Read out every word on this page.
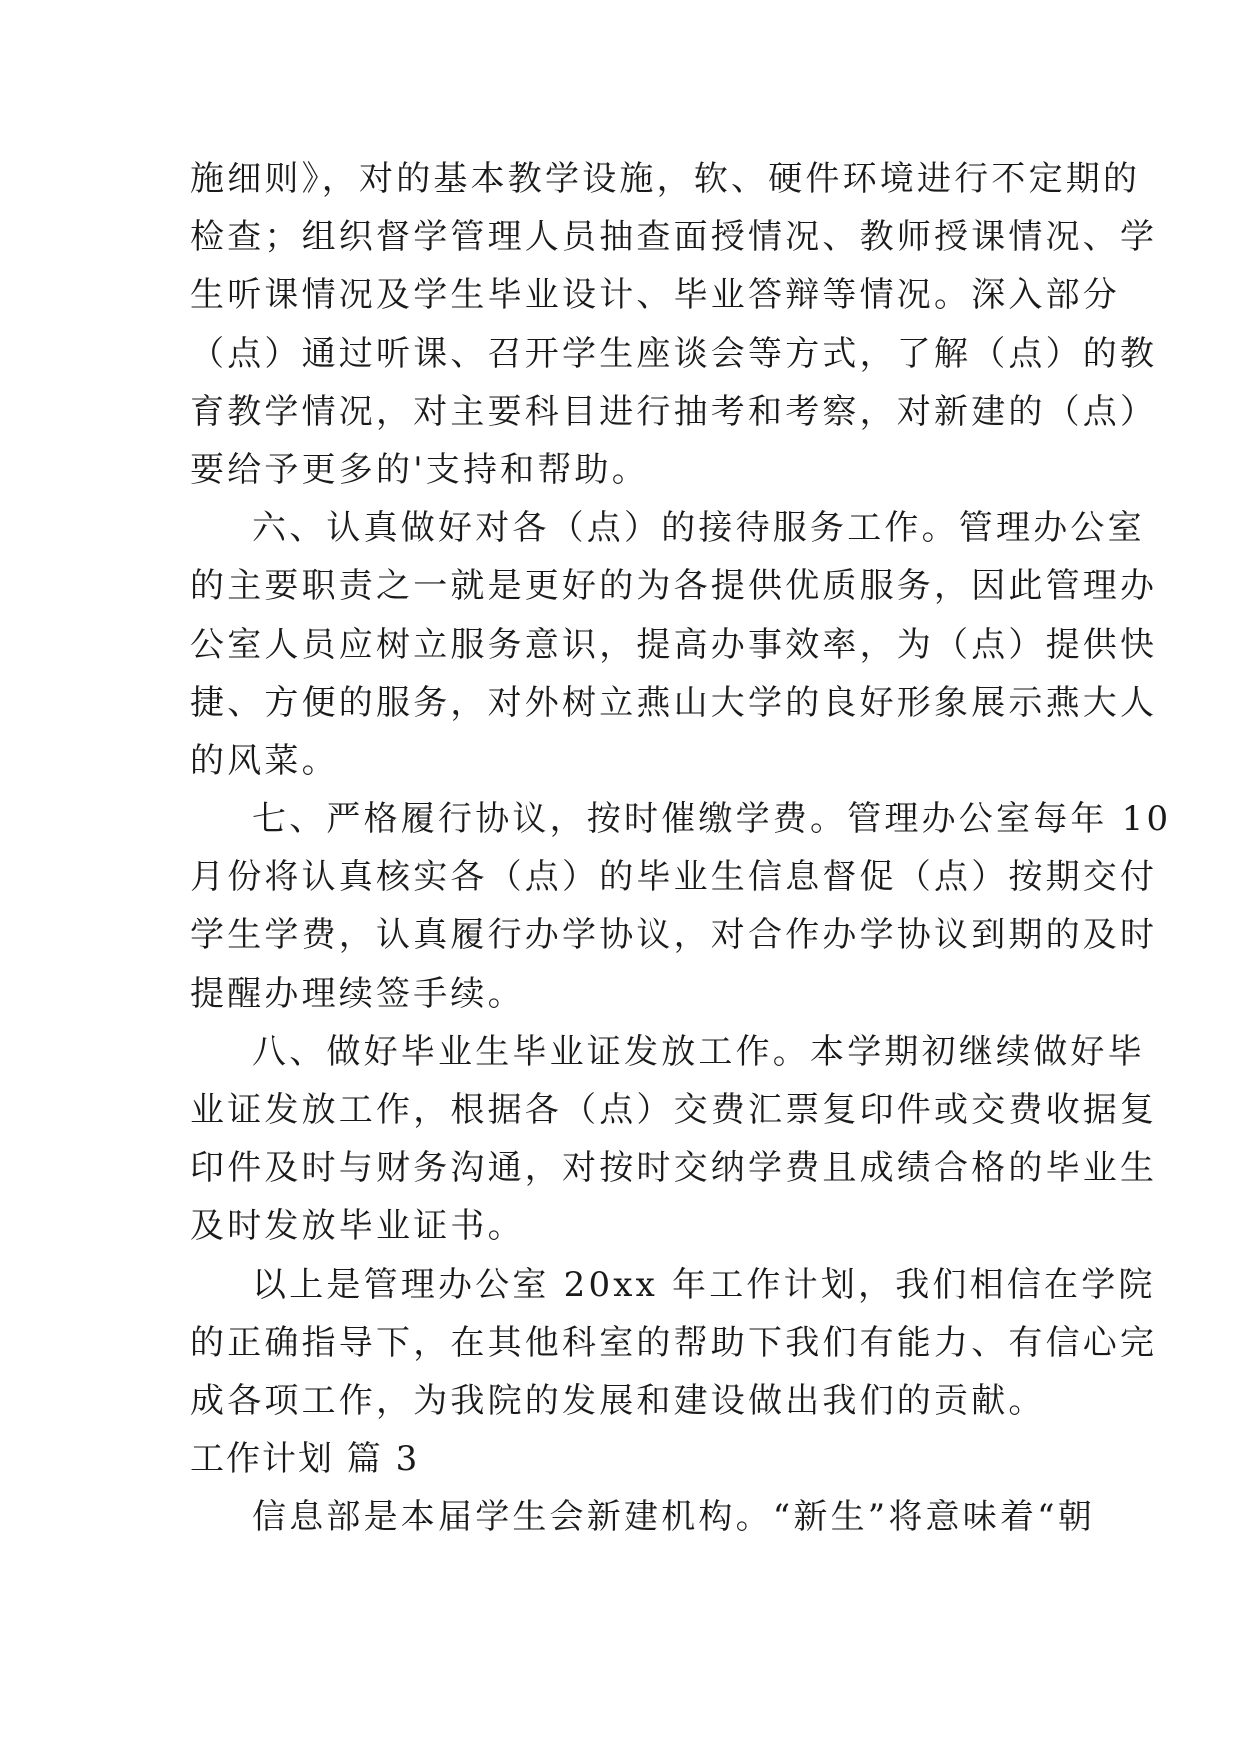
施细则》，对的基本教学设施，软、硬件环境进行不定期的
检查；组织督学管理人员抽查面授情况、教师授课情况、学
生听课情况及学生毕业设计、毕业答辩等情况。深入部分
（点）通过听课、召开学生座谈会等方式，了解（点）的教
育教学情况，对主要科目进行抽考和考察，对新建的（点）
要给予更多的'支持和帮助。
六、认真做好对各（点）的接待服务工作。管理办公室
的主要职责之一就是更好的为各提供优质服务，因此管理办
公室人员应树立服务意识，提高办事效率，为（点）提供快
捷、方便的服务，对外树立燕山大学的良好形象展示燕大人
的风菜。
七、严格履行协议，按时催缴学费。管理办公室每年 10
月份将认真核实各（点）的毕业生信息督促（点）按期交付
学生学费，认真履行办学协议，对合作办学协议到期的及时
提醒办理续签手续。
八、做好毕业生毕业证发放工作。本学期初继续做好毕
业证发放工作，根据各（点）交费汇票复印件或交费收据复
印件及时与财务沟通，对按时交纳学费且成绩合格的毕业生
及时发放毕业证书。
以上是管理办公室 20xx 年工作计划，我们相信在学院
的正确指导下，在其他科室的帮助下我们有能力、有信心完
成各项工作，为我院的发展和建设做出我们的贡献。
工作计划 篇 3
信息部是本届学生会新建机构。“新生”将意味着“朝
